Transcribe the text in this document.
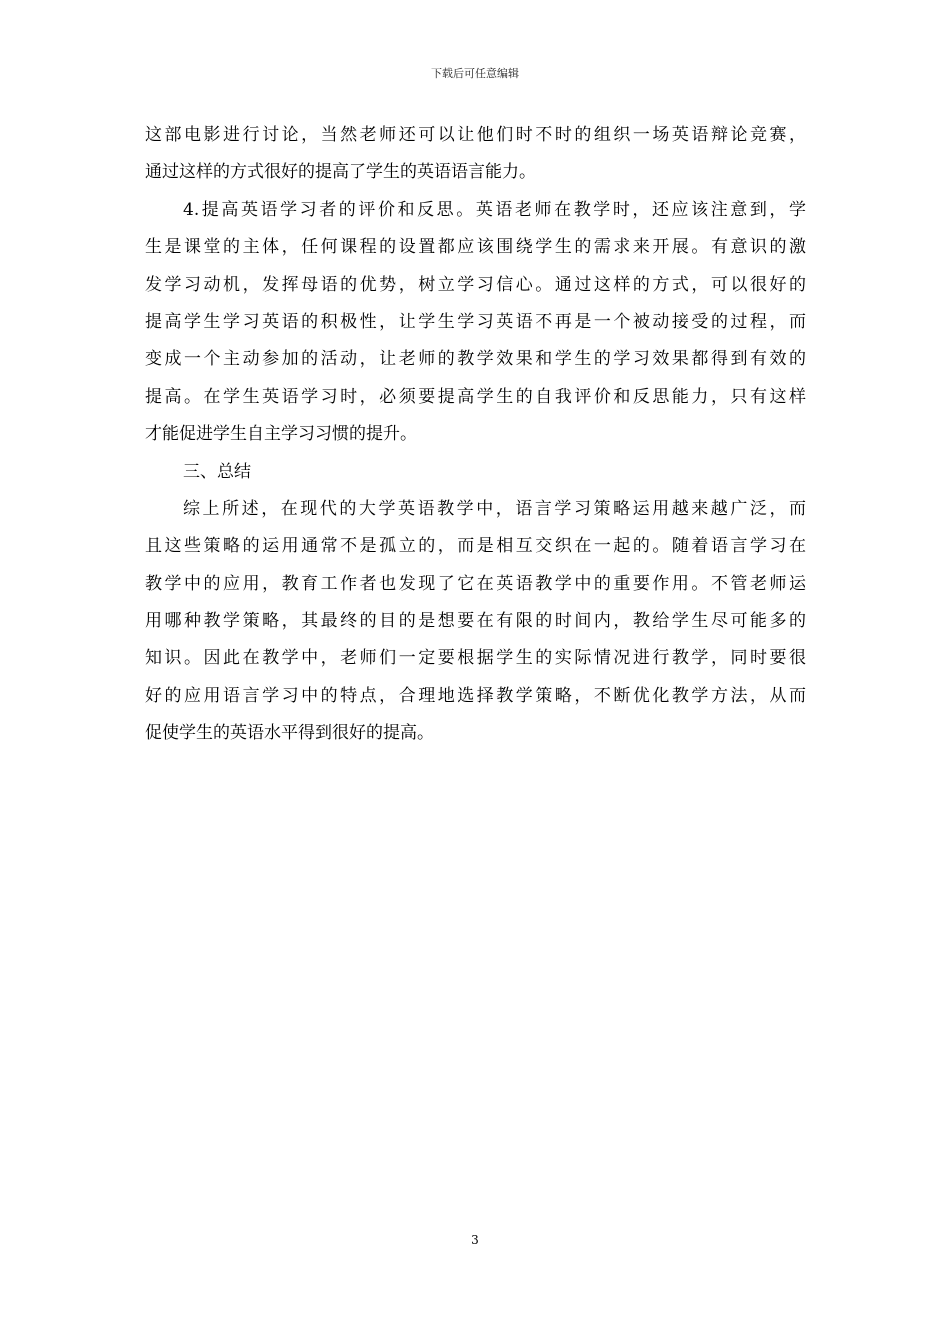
下载后可任意编辑
这部电影进行讨论，当然老师还可以让他们时不时的组织一场英语辩论竞赛，
通过这样的方式很好的提高了学生的英语语言能力。
4.提高英语学习者的评价和反思。英语老师在教学时，还应该注意到，学
生是课堂的主体，任何课程的设置都应该围绕学生的需求来开展。有意识的激
发学习动机，发挥母语的优势，树立学习信心。通过这样的方式，可以很好的
提高学生学习英语的积极性，让学生学习英语不再是一个被动接受的过程，而
变成一个主动参加的活动，让老师的教学效果和学生的学习效果都得到有效的
提高。在学生英语学习时，必须要提高学生的自我评价和反思能力，只有这样
才能促进学生自主学习习惯的提升。
三、总结
综上所述，在现代的大学英语教学中，语言学习策略运用越来越广泛，而
且这些策略的运用通常不是孤立的，而是相互交织在一起的。随着语言学习在
教学中的应用，教育工作者也发现了它在英语教学中的重要作用。不管老师运
用哪种教学策略，其最终的目的是想要在有限的时间内，教给学生尽可能多的
知识。因此在教学中，老师们一定要根据学生的实际情况进行教学，同时要很
好的应用语言学习中的特点，合理地选择教学策略，不断优化教学方法，从而
促使学生的英语水平得到很好的提高。
3
